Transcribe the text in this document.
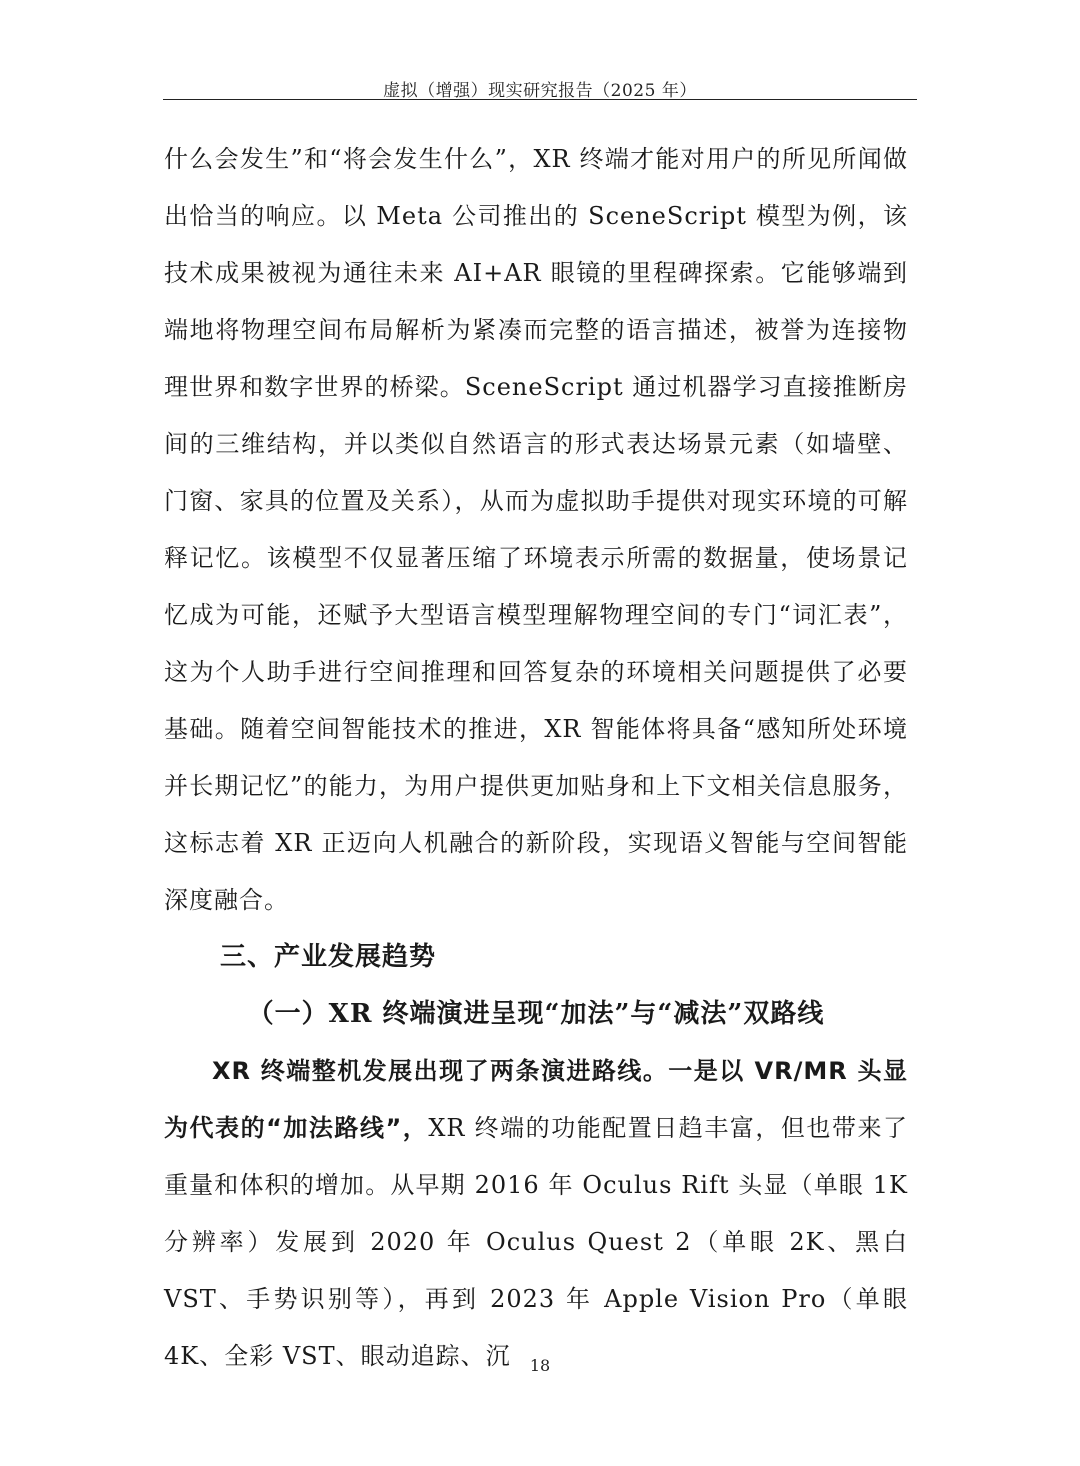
虚拟（增强）现实研究报告（2025 年）

什么会发生”和“将会发生什么”，XR 终端才能对用户的所见所闻做出恰当的响应。以 Meta 公司推出的 SceneScript 模型为例，该技术成果被视为通往未来 AI+AR 眼镜的里程碑探索。它能够端到端地将物理空间布局解析为紧凑而完整的语言描述，被誉为连接物理世界和数字世界的桥梁。SceneScript 通过机器学习直接推断房间的三维结构，并以类似自然语言的形式表达场景元素（如墙壁、门窗、家具的位置及关系），从而为虚拟助手提供对现实环境的可解释记忆。该模型不仅显著压缩了环境表示所需的数据量，使场景记忆成为可能，还赋予大型语言模型理解物理空间的专门“词汇表”，这为个人助手进行空间推理和回答复杂的环境相关问题提供了必要基础。随着空间智能技术的推进，XR 智能体将具备“感知所处环境并长期记忆”的能力，为用户提供更加贴身和上下文相关信息服务，这标志着 XR 正迈向人机融合的新阶段，实现语义智能与空间智能深度融合。

三、产业发展趋势

（一）XR 终端演进呈现“加法”与“减法”双路线

XR 终端整机发展出现了两条演进路线。一是以 VR/MR 头显为代表的“加法路线”，XR 终端的功能配置日趋丰富，但也带来了重量和体积的增加。从早期 2016 年 Oculus Rift 头显（单眼 1K 分辨率）发展到 2020 年 Oculus Quest 2（单眼 2K、黑白 VST、手势识别等），再到 2023 年 Apple Vision Pro（单眼 4K、全彩 VST、眼动追踪、沉	18
